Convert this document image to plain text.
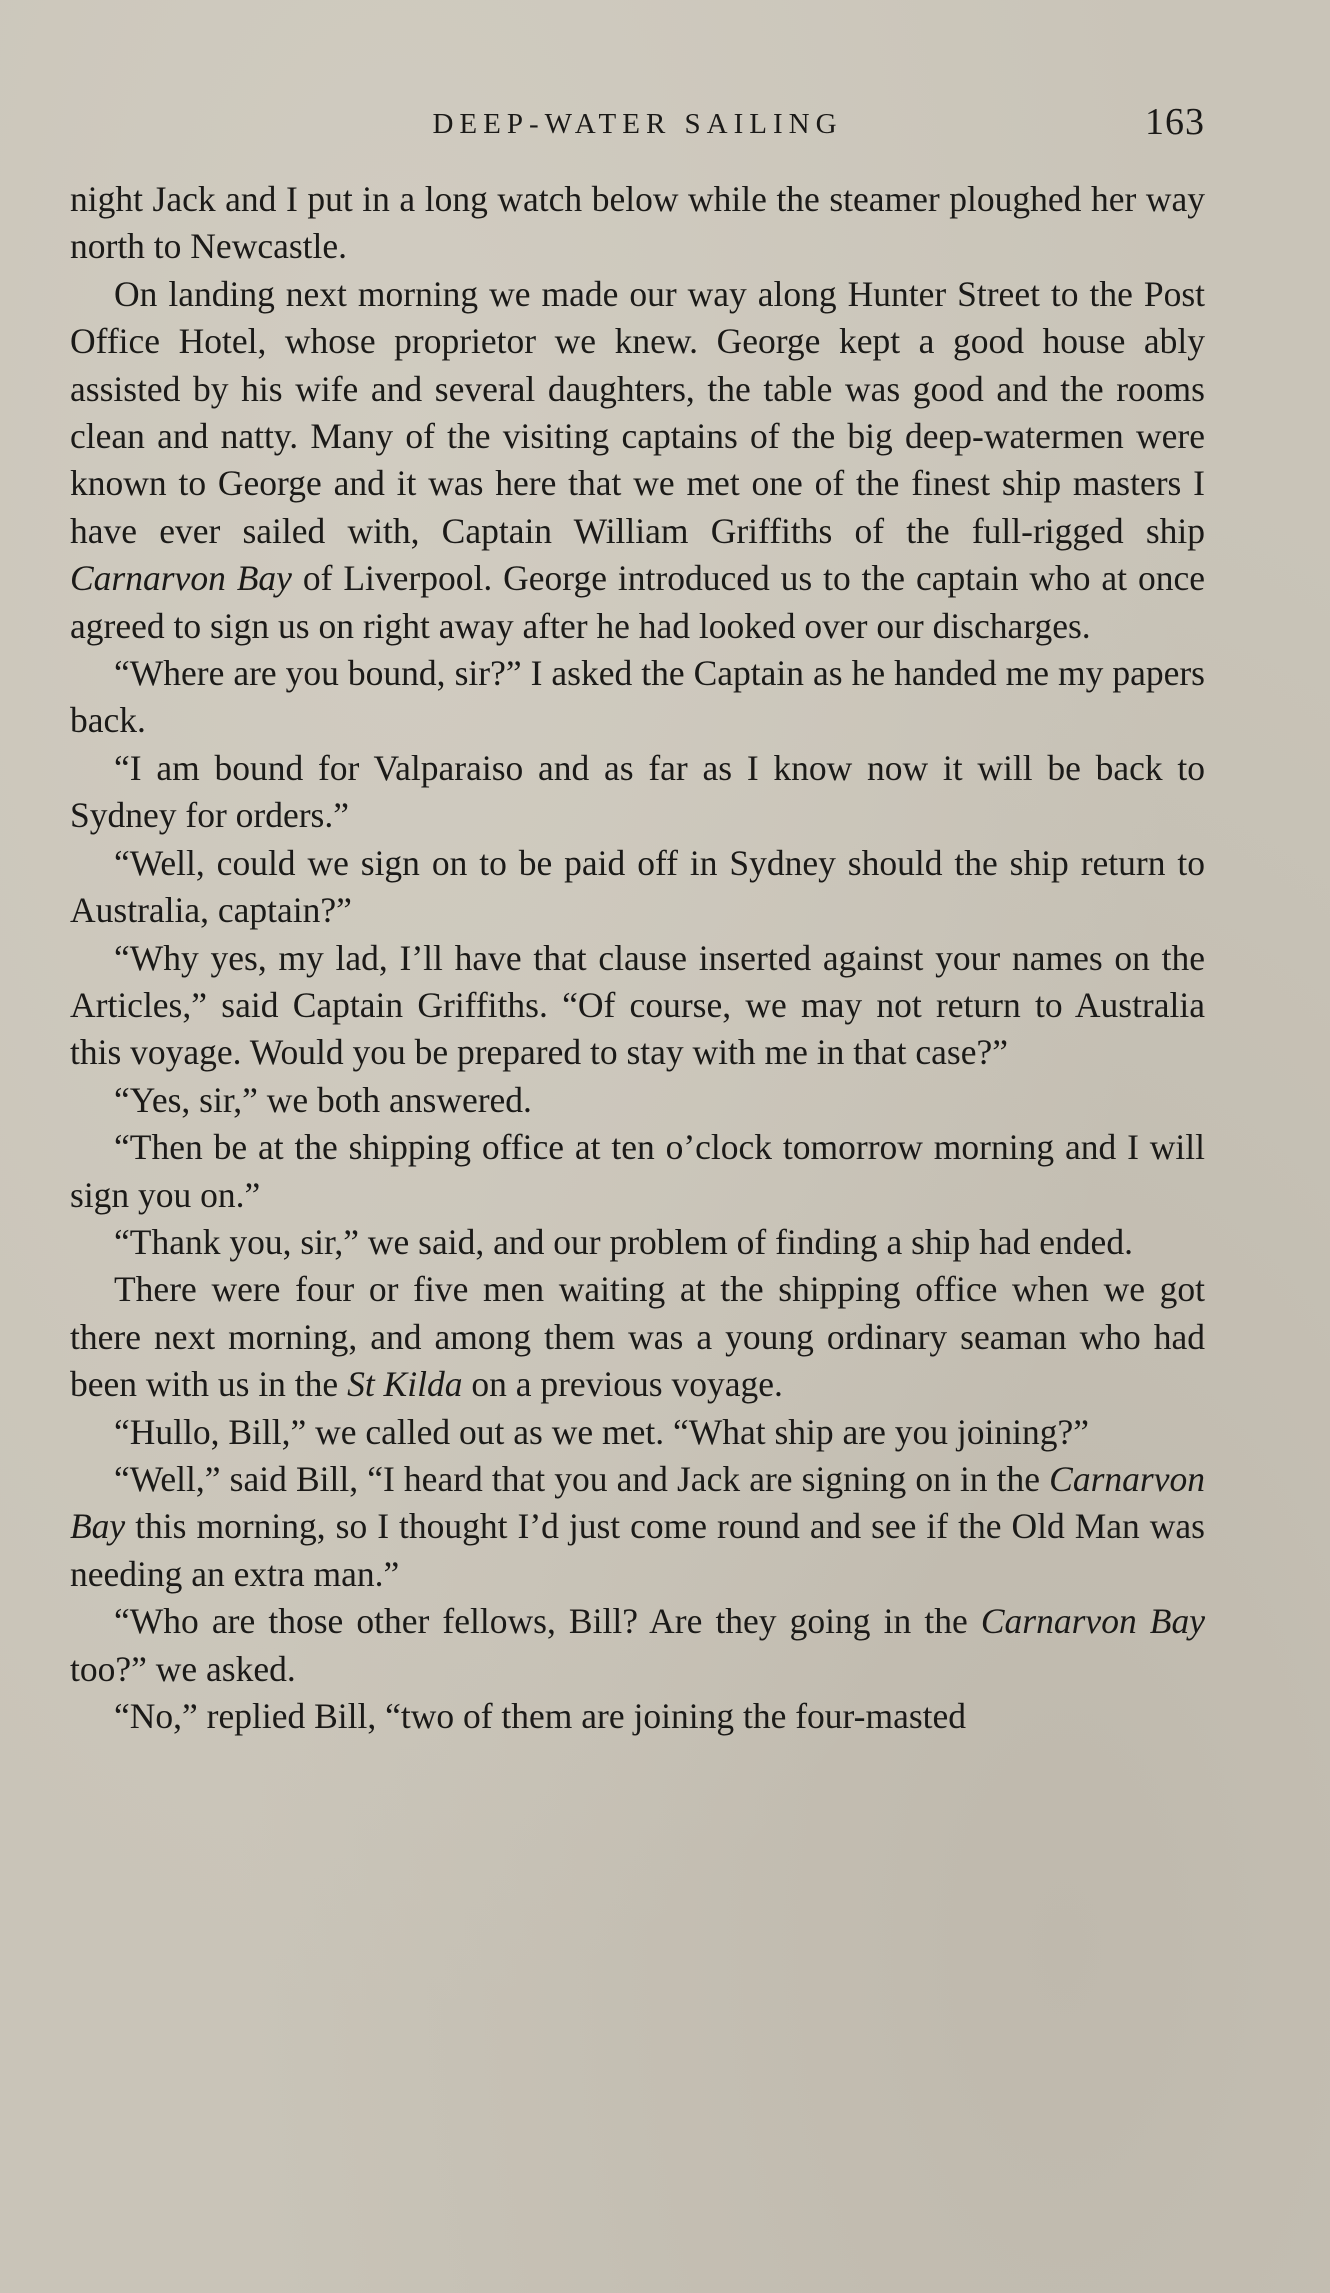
DEEP-WATER SAILING	163

night Jack and I put in a long watch below while the steamer ploughed her way north to Newcastle.

On landing next morning we made our way along Hunter Street to the Post Office Hotel, whose proprietor we knew. George kept a good house ably assisted by his wife and several daughters, the table was good and the rooms clean and natty. Many of the visiting captains of the big deep-watermen were known to George and it was here that we met one of the finest ship masters I have ever sailed with, Captain William Griffiths of the full-rigged ship Carnarvon Bay of Liverpool. George introduced us to the captain who at once agreed to sign us on right away after he had looked over our discharges.

“Where are you bound, sir?” I asked the Captain as he handed me my papers back.

“I am bound for Valparaiso and as far as I know now it will be back to Sydney for orders.”

“Well, could we sign on to be paid off in Sydney should the ship return to Australia, captain?”

“Why yes, my lad, I’ll have that clause inserted against your names on the Articles,” said Captain Griffiths. “Of course, we may not return to Australia this voyage. Would you be prepared to stay with me in that case?”

“Yes, sir,” we both answered.

“Then be at the shipping office at ten o’clock tomorrow morning and I will sign you on.”

“Thank you, sir,” we said, and our problem of finding a ship had ended.

There were four or five men waiting at the shipping office when we got there next morning, and among them was a young ordinary seaman who had been with us in the St Kilda on a previous voyage.

“Hullo, Bill,” we called out as we met. “What ship are you joining?”

“Well,” said Bill, “I heard that you and Jack are signing on in the Carnarvon Bay this morning, so I thought I’d just come round and see if the Old Man was needing an extra man.”

“Who are those other fellows, Bill? Are they going in the Carnarvon Bay too?” we asked.

“No,” replied Bill, “two of them are joining the four-masted
